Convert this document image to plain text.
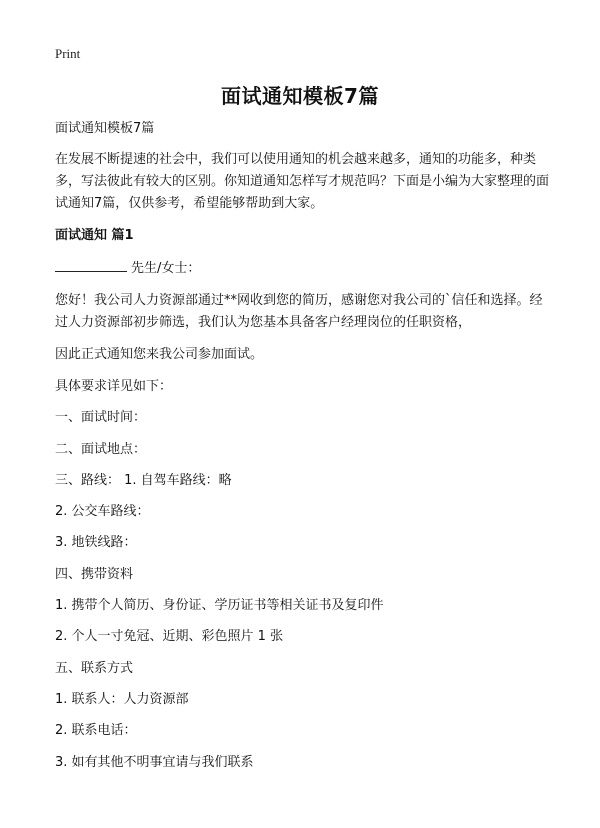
Print
面试通知模板7篇

面试通知模板7篇

在发展不断提速的社会中，我们可以使用通知的机会越来越多，通知的功能多，种类多，写法彼此有较大的区别。你知道通知怎样写才规范吗？下面是小编为大家整理的面试通知7篇，仅供参考，希望能够帮助到大家。

面试通知 篇1

先生/女士：

您好！我公司人力资源部通过**网收到您的简历，感谢您对我公司的`信任和选择。经过人力资源部初步筛选，我们认为您基本具备客户经理岗位的任职资格，

因此正式通知您来我公司参加面试。

具体要求详见如下：

一、面试时间：

二、面试地点：

三、路线： 1. 自驾车路线：略

2. 公交车路线：

3. 地铁线路：

四、携带资料

1. 携带个人简历、身份证、学历证书等相关证书及复印件

2. 个人一寸免冠、近期、彩色照片 1 张

五、联系方式

1. 联系人：人力资源部

2. 联系电话：

3. 如有其他不明事宜请与我们联系
